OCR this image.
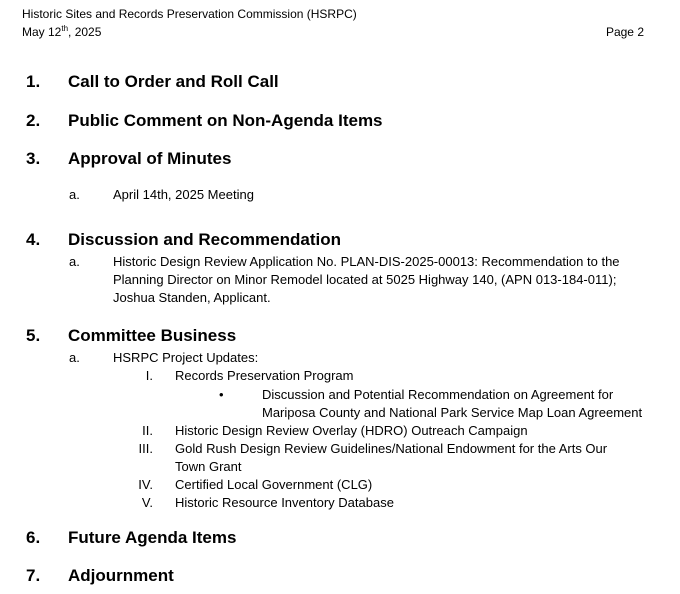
Historic Sites and Records Preservation Commission (HSRPC)
May 12th, 2025	Page 2
1. Call to Order and Roll Call
2. Public Comment on Non-Agenda Items
3. Approval of Minutes
a.	April 14th, 2025 Meeting
4. Discussion and Recommendation
a.	Historic Design Review Application No. PLAN-DIS-2025-00013: Recommendation to the
Planning Director on Minor Remodel located at 5025 Highway 140, (APN 013-184-011);
Joshua Standen, Applicant.
5. Committee Business
a.	HSRPC Project Updates:
I. Records Preservation Program
•	Discussion and Potential Recommendation on Agreement for
Mariposa County and National Park Service Map Loan Agreement
II. Historic Design Review Overlay (HDRO) Outreach Campaign
III. Gold Rush Design Review Guidelines/National Endowment for the Arts Our
Town Grant
IV. Certified Local Government (CLG)
V. Historic Resource Inventory Database
6. Future Agenda Items
7. Adjournment
